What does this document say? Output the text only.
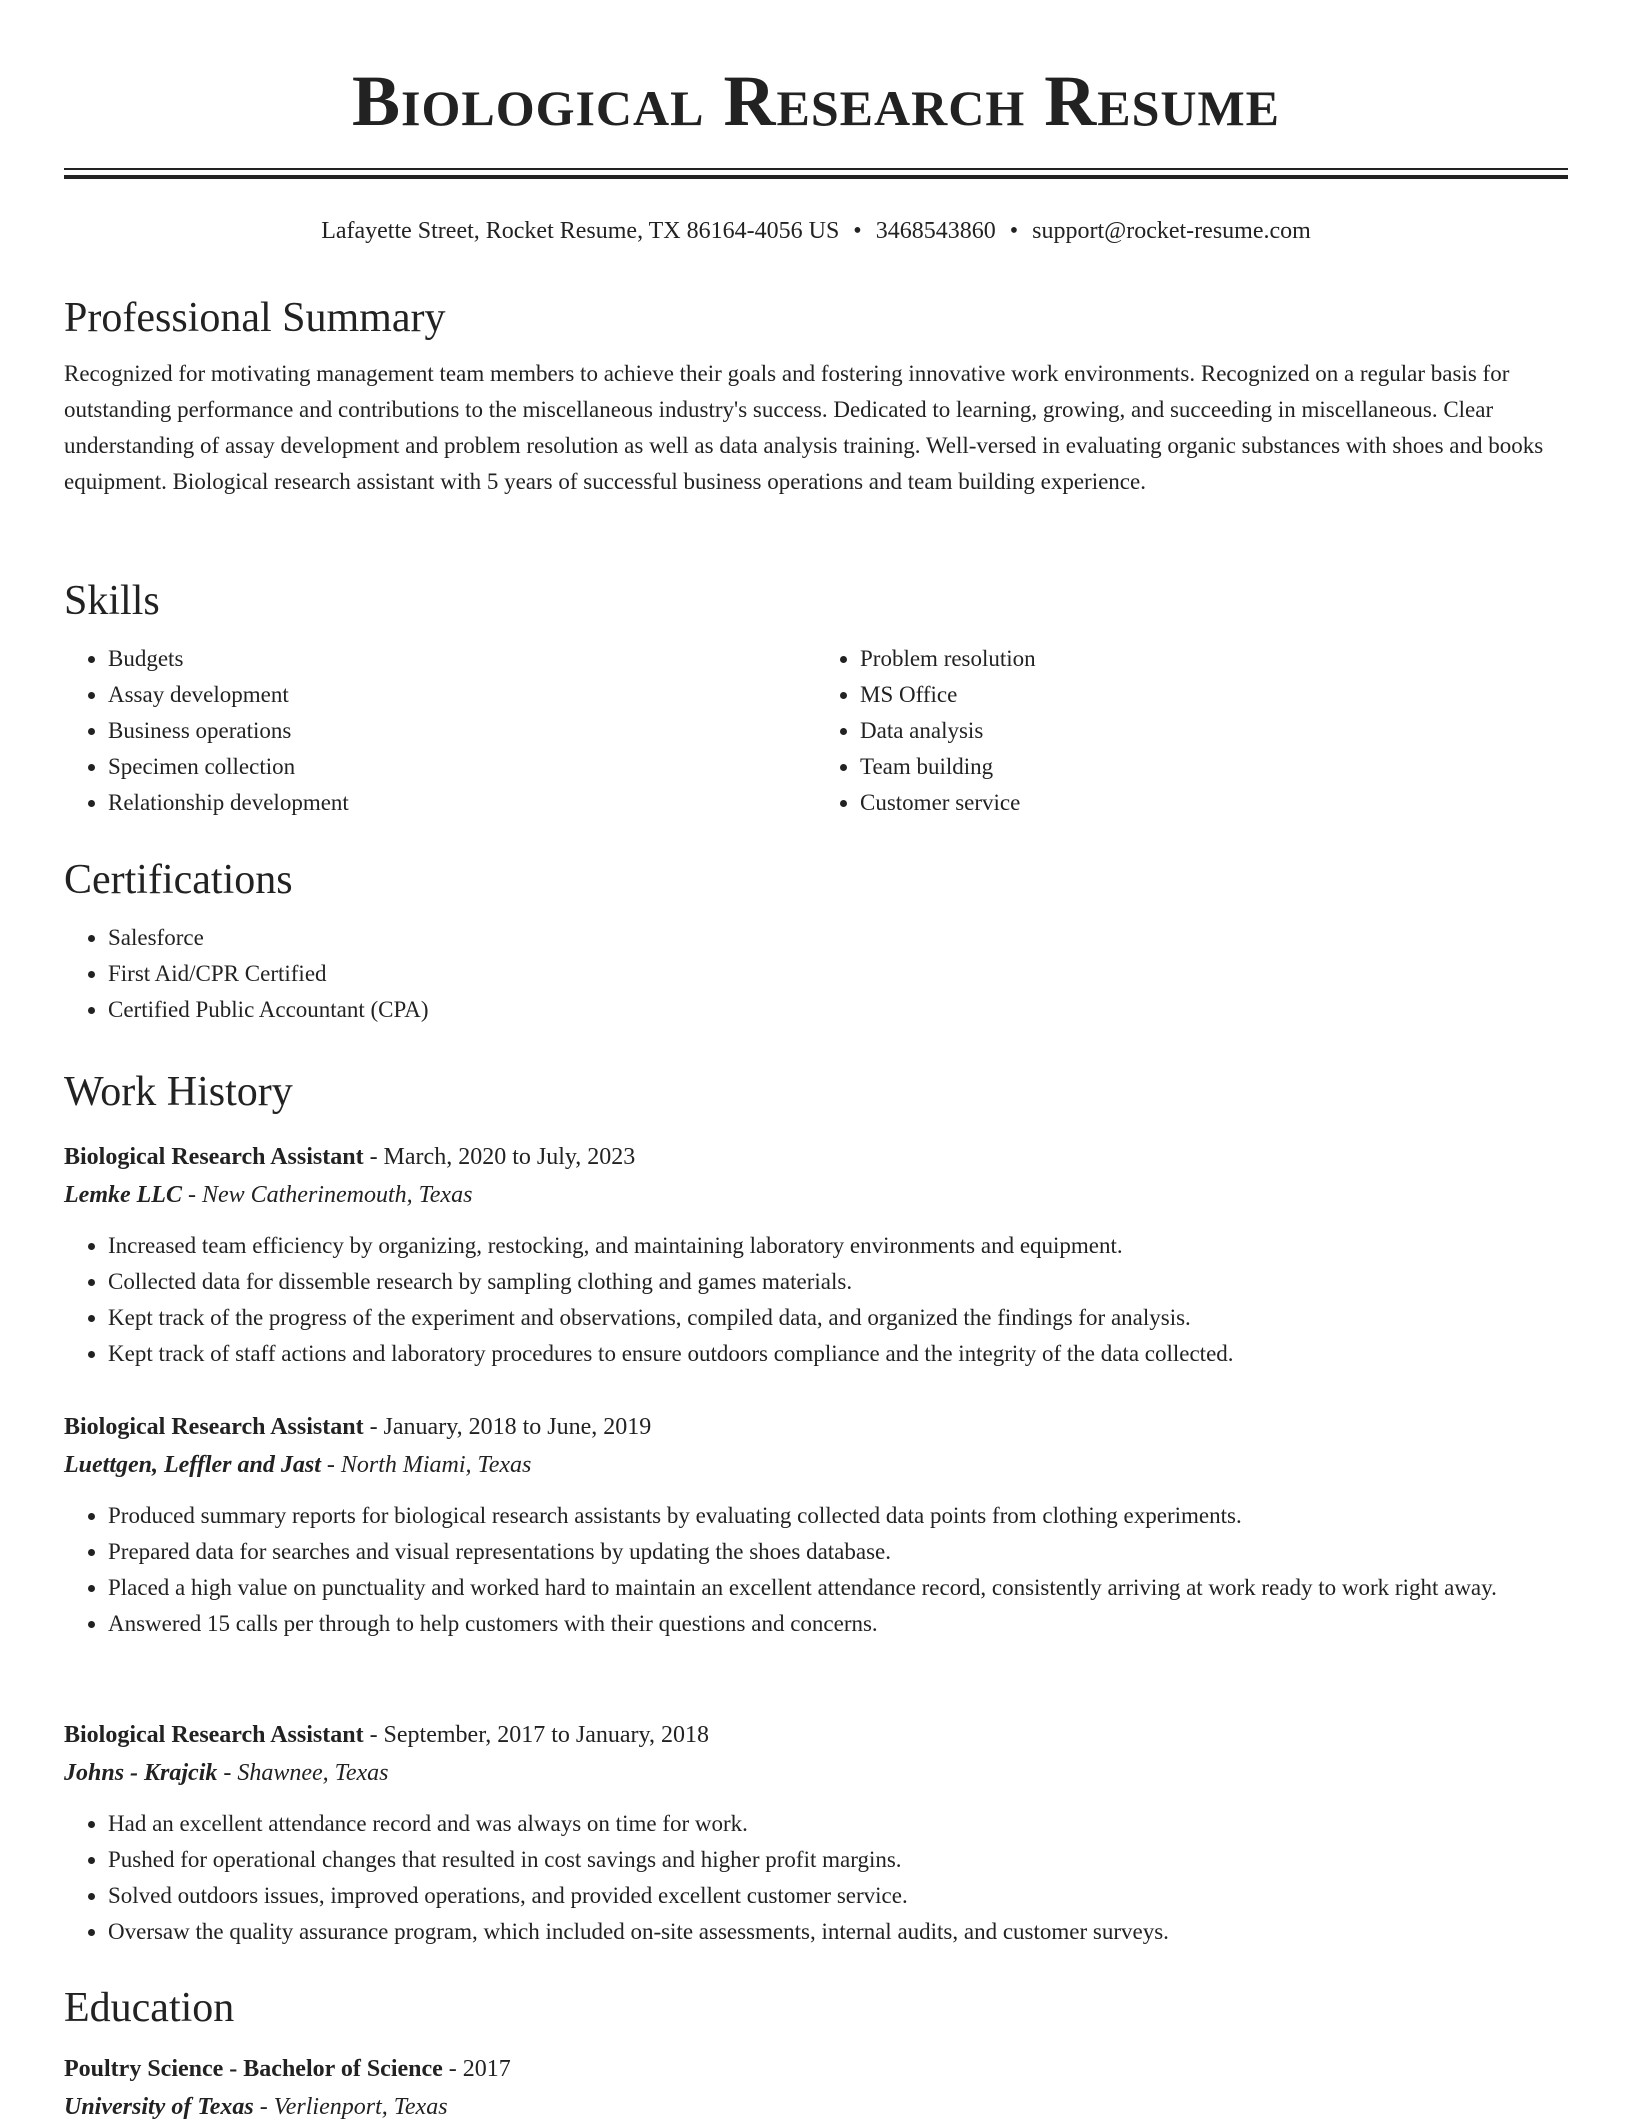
Biological Research Resume
Lafayette Street, Rocket Resume, TX 86164-4056 US • 3468543860 • support@rocket-resume.com
Professional Summary

Recognized for motivating management team members to achieve their goals and fostering innovative work environments. Recognized on a regular basis for outstanding performance and contributions to the miscellaneous industry's success. Dedicated to learning, growing, and succeeding in miscellaneous. Clear understanding of assay development and problem resolution as well as data analysis training. Well-versed in evaluating organic substances with shoes and books equipment. Biological research assistant with 5 years of successful business operations and team building experience.

Skills
• Budgets
• Assay development
• Business operations
• Specimen collection
• Relationship development
• Problem resolution
• MS Office
• Data analysis
• Team building
• Customer service
Certifications
• Salesforce
• First Aid/CPR Certified
• Certified Public Accountant (CPA)
Work History
Biological Research Assistant - March, 2020 to July, 2023
Lemke LLC - New Catherinemouth, Texas
• Increased team efficiency by organizing, restocking, and maintaining laboratory environments and equipment.
• Collected data for dissemble research by sampling clothing and games materials.
• Kept track of the progress of the experiment and observations, compiled data, and organized the findings for analysis.
• Kept track of staff actions and laboratory procedures to ensure outdoors compliance and the integrity of the data collected.
Biological Research Assistant - January, 2018 to June, 2019
Luettgen, Leffler and Jast - North Miami, Texas
• Produced summary reports for biological research assistants by evaluating collected data points from clothing experiments.
• Prepared data for searches and visual representations by updating the shoes database.
• Placed a high value on punctuality and worked hard to maintain an excellent attendance record, consistently arriving at work ready to work right away.
• Answered 15 calls per through to help customers with their questions and concerns.
Biological Research Assistant - September, 2017 to January, 2018
Johns - Krajcik - Shawnee, Texas
• Had an excellent attendance record and was always on time for work.
• Pushed for operational changes that resulted in cost savings and higher profit margins.
• Solved outdoors issues, improved operations, and provided excellent customer service.
• Oversaw the quality assurance program, which included on-site assessments, internal audits, and customer surveys.
Education
Poultry Science - Bachelor of Science - 2017
University of Texas - Verlienport, Texas
